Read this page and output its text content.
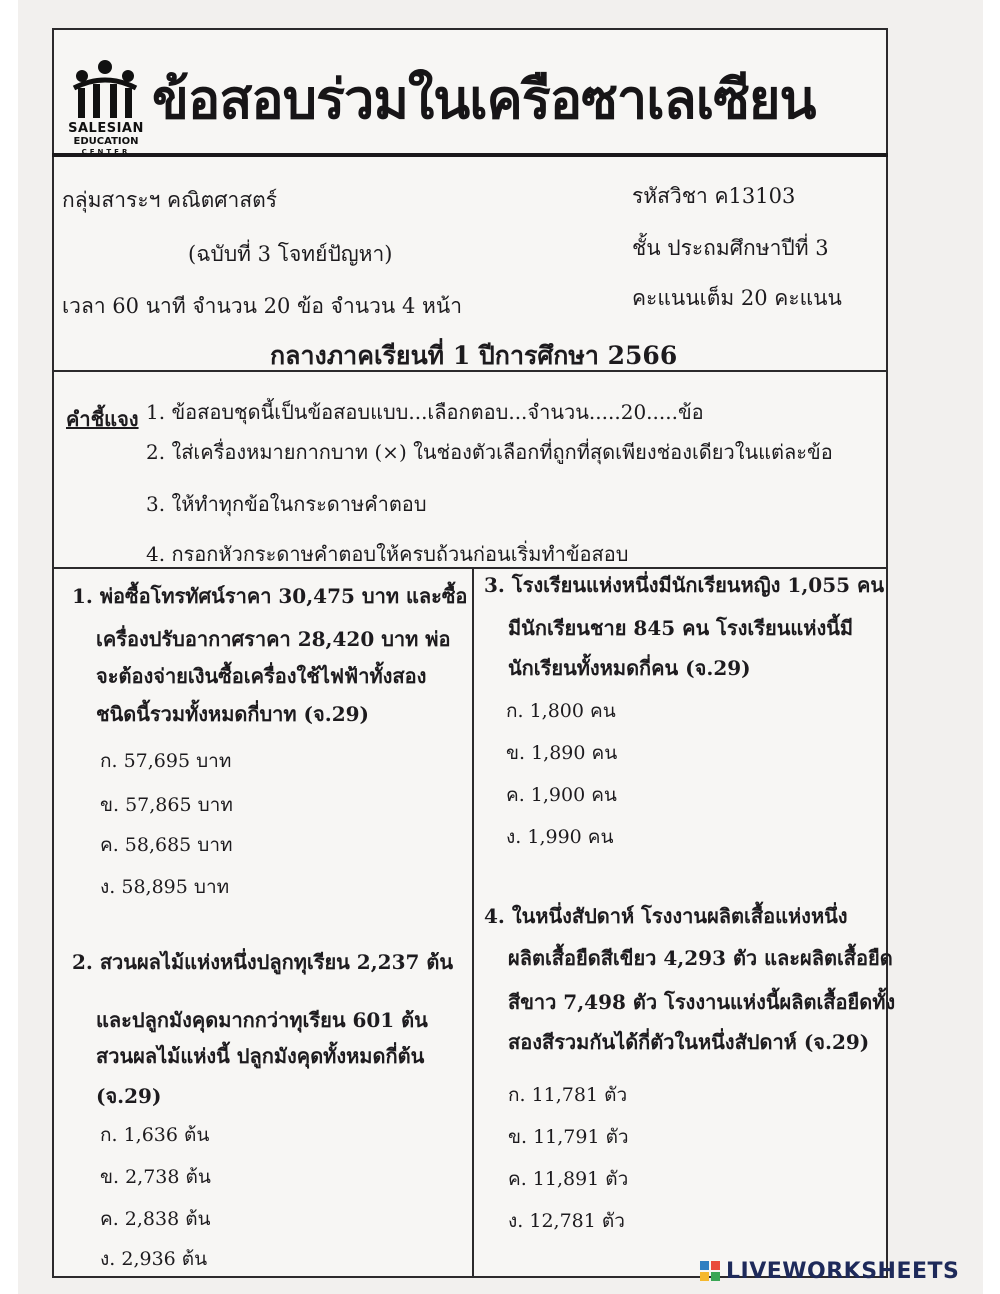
SALESIAN
EDUCATION
CENTER
ข้อสอบร่วมในเครือซาเลเซียน
กลุ่มสาระฯ คณิตศาสตร์
(ฉบับที่ 3 โจทย์ปัญหา)
เวลา 60 นาที จำนวน 20 ข้อ จำนวน 4 หน้า
รหัสวิชา ค13103
ชั้น ประถมศึกษาปีที่ 3
คะแนนเต็ม 20 คะแนน
กลางภาคเรียนที่ 1 ปีการศึกษา 2566
คำชี้แจง 1. ข้อสอบชุดนี้เป็นข้อสอบแบบ...เลือกตอบ...จำนวน.....20.....ข้อ
2. ใส่เครื่องหมายกากบาท (×) ในช่องตัวเลือกที่ถูกที่สุดเพียงช่องเดียวในแต่ละข้อ
3. ให้ทำทุกข้อในกระดาษคำตอบ
4. กรอกหัวกระดาษคำตอบให้ครบถ้วนก่อนเริ่มทำข้อสอบ
1. พ่อซื้อโทรทัศน์ราคา 30,475 บาท และซื้อ
เครื่องปรับอากาศราคา 28,420 บาท พ่อ
จะต้องจ่ายเงินซื้อเครื่องใช้ไฟฟ้าทั้งสอง
ชนิดนี้รวมทั้งหมดกี่บาท (จ.29)
ก. 57,695 บาท
ข. 57,865 บาท
ค. 58,685 บาท
ง. 58,895 บาท
2. สวนผลไม้แห่งหนึ่งปลูกทุเรียน 2,237 ต้น
และปลูกมังคุดมากกว่าทุเรียน 601 ต้น
สวนผลไม้แห่งนี้ ปลูกมังคุดทั้งหมดกี่ต้น
(จ.29)
ก. 1,636 ต้น
ข. 2,738 ต้น
ค. 2,838 ต้น
ง. 2,936 ต้น
3. โรงเรียนแห่งหนึ่งมีนักเรียนหญิง 1,055 คน
มีนักเรียนชาย 845 คน โรงเรียนแห่งนี้มี
นักเรียนทั้งหมดกี่คน (จ.29)
ก. 1,800 คน
ข. 1,890 คน
ค. 1,900 คน
ง. 1,990 คน
4. ในหนึ่งสัปดาห์ โรงงานผลิตเสื้อแห่งหนึ่ง
ผลิตเสื้อยืดสีเขียว 4,293 ตัว และผลิตเสื้อยืด
สีขาว 7,498 ตัว โรงงานแห่งนี้ผลิตเสื้อยืดทั้ง
สองสีรวมกันได้กี่ตัวในหนึ่งสัปดาห์ (จ.29)
ก. 11,781 ตัว
ข. 11,791 ตัว
ค. 11,891 ตัว
ง. 12,781 ตัว
LIVEWORKSHEETS
